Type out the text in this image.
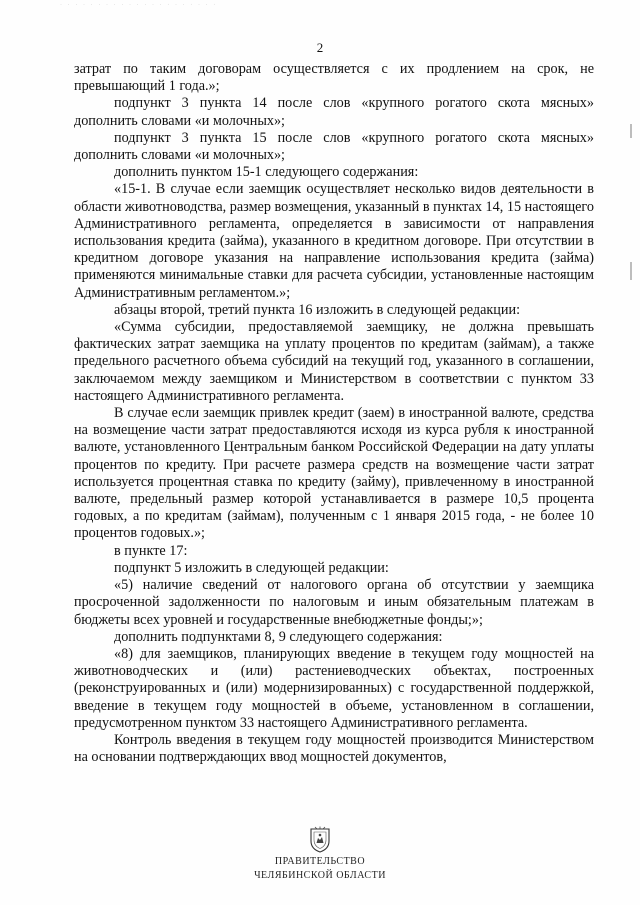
· · · · · · · · · · · · · · · · · · · · ·
2

затрат по таким договорам осуществляется с их продлением на срок, не превышающий 1 года.»;

подпункт 3 пункта 14 после слов «крупного рогатого скота мясных» дополнить словами «и молочных»;

подпункт 3 пункта 15 после слов «крупного рогатого скота мясных» дополнить словами «и молочных»;

дополнить пунктом 15-1 следующего содержания:

«15-1. В случае если заемщик осуществляет несколько видов деятельности в области животноводства, размер возмещения, указанный в пунктах 14, 15 настоящего Административного регламента, определяется в зависимости от направления использования кредита (займа), указанного в кредитном договоре. При отсутствии в кредитном договоре указания на направление использования кредита (займа) применяются минимальные ставки для расчета субсидии, установленные настоящим Административным регламентом.»;

абзацы второй, третий пункта 16 изложить в следующей редакции:

«Сумма субсидии, предоставляемой заемщику, не должна превышать фактических затрат заемщика на уплату процентов по кредитам (займам), а также предельного расчетного объема субсидий на текущий год, указанного в соглашении, заключаемом между заемщиком и Министерством в соответствии с пунктом 33 настоящего Административного регламента.

В случае если заемщик привлек кредит (заем) в иностранной валюте, средства на возмещение части затрат предоставляются исходя из курса рубля к иностранной валюте, установленного Центральным банком Российской Федерации на дату уплаты процентов по кредиту. При расчете размера средств на возмещение части затрат используется процентная ставка по кредиту (займу), привлеченному в иностранной валюте, предельный размер которой устанавливается в размере 10,5 процента годовых, а по кредитам (займам), полученным с 1 января 2015 года, - не более 10 процентов годовых.»;

в пункте 17:

подпункт 5 изложить в следующей редакции:

«5) наличие сведений от налогового органа об отсутствии у заемщика просроченной задолженности по налоговым и иным обязательным платежам в бюджеты всех уровней и государственные внебюджетные фонды;»;

дополнить подпунктами 8, 9 следующего содержания:

«8) для заемщиков, планирующих введение в текущем году мощностей на животноводческих и (или) растениеводческих объектах, построенных (реконструированных и (или) модернизированных) с государственной поддержкой, введение в текущем году мощностей в объеме, установленном в соглашении, предусмотренном пунктом 33 настоящего Административного регламента.

Контроль введения в текущем году мощностей производится Министерством на основании подтверждающих ввод мощностей документов,

ПРАВИТЕЛЬСТВО
ЧЕЛЯБИНСКОЙ ОБЛАСТИ
